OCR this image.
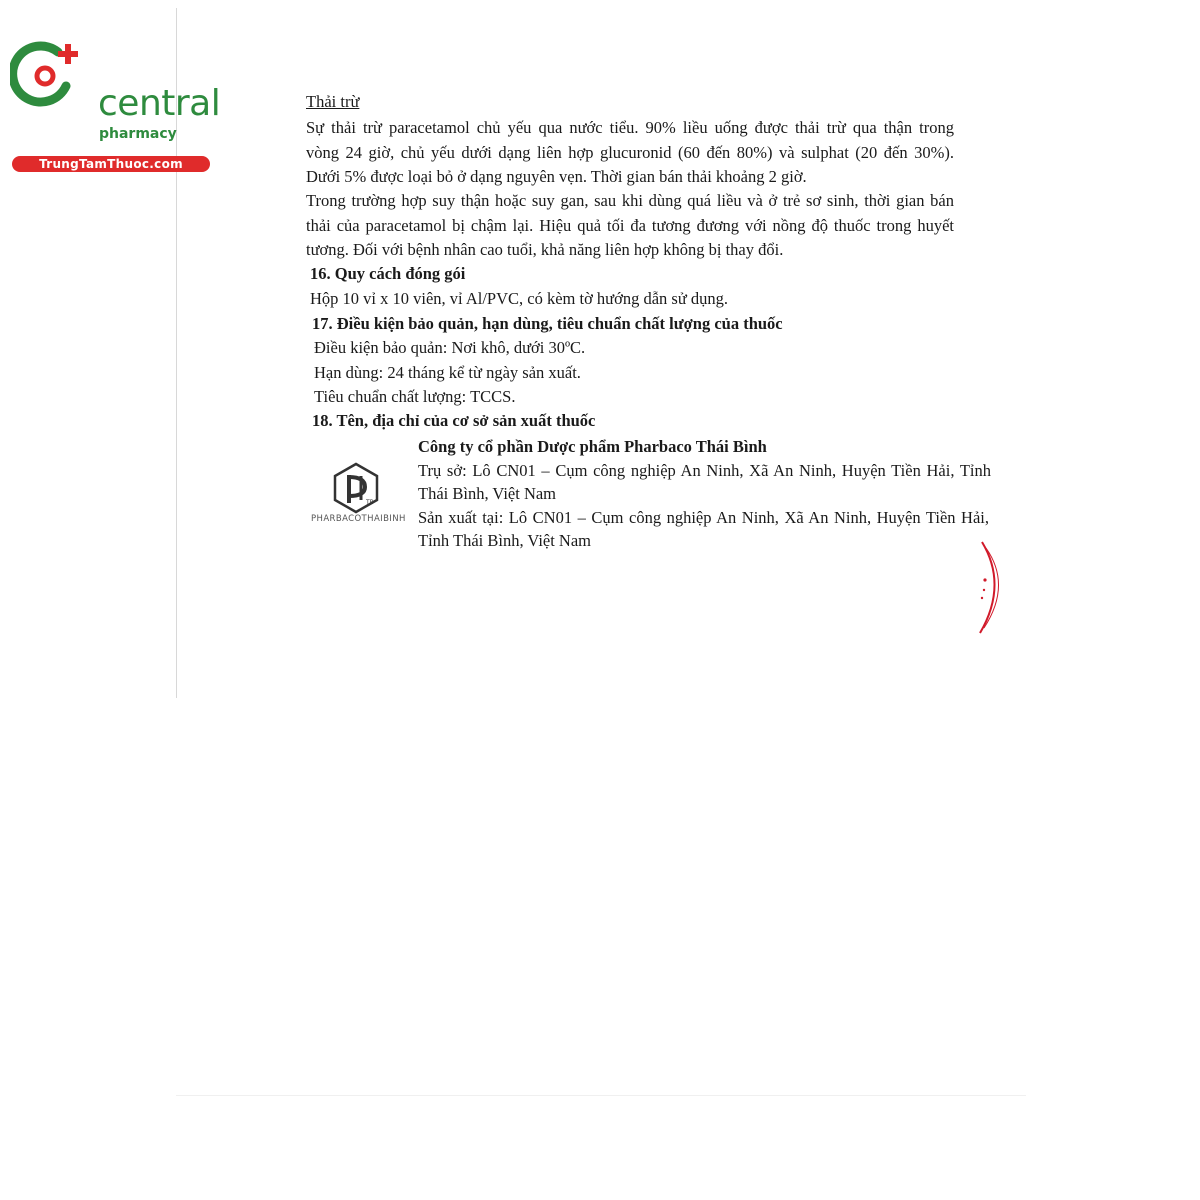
central
pharmacy
TrungTamThuoc.com
Thải trừ
Sự thải trừ paracetamol chủ yếu qua nước tiểu. 90% liều uống được thải trừ qua thận trong
vòng 24 giờ, chủ yếu dưới dạng liên hợp glucuronid (60 đến 80%) và sulphat (20 đến 30%).
Dưới 5% được loại bỏ ở dạng nguyên vẹn. Thời gian bán thải khoảng 2 giờ.
Trong trường hợp suy thận hoặc suy gan, sau khi dùng quá liều và ở trẻ sơ sinh, thời gian bán
thải của paracetamol bị chậm lại. Hiệu quả tối đa tương đương với nồng độ thuốc trong huyết
tương. Đối với bệnh nhân cao tuổi, khả năng liên hợp không bị thay đổi.
16. Quy cách đóng gói
Hộp 10 vỉ x 10 viên, vỉ Al/PVC, có kèm tờ hướng dẫn sử dụng.
17. Điều kiện bảo quản, hạn dùng, tiêu chuẩn chất lượng của thuốc
Điều kiện bảo quản: Nơi khô, dưới 30ºC.
Hạn dùng: 24 tháng kể từ ngày sản xuất.
Tiêu chuẩn chất lượng: TCCS.
18. Tên, địa chỉ của cơ sở sản xuất thuốc
TB
PHARBACOTHAIBINH
Công ty cổ phần Dược phẩm Pharbaco Thái Bình
Trụ sở: Lô CN01 – Cụm công nghiệp An Ninh, Xã An Ninh, Huyện Tiền Hải, Tỉnh
Thái Bình, Việt Nam
Sản xuất tại: Lô CN01 – Cụm công nghiệp An Ninh, Xã An Ninh, Huyện Tiền Hải,
Tỉnh Thái Bình, Việt Nam
